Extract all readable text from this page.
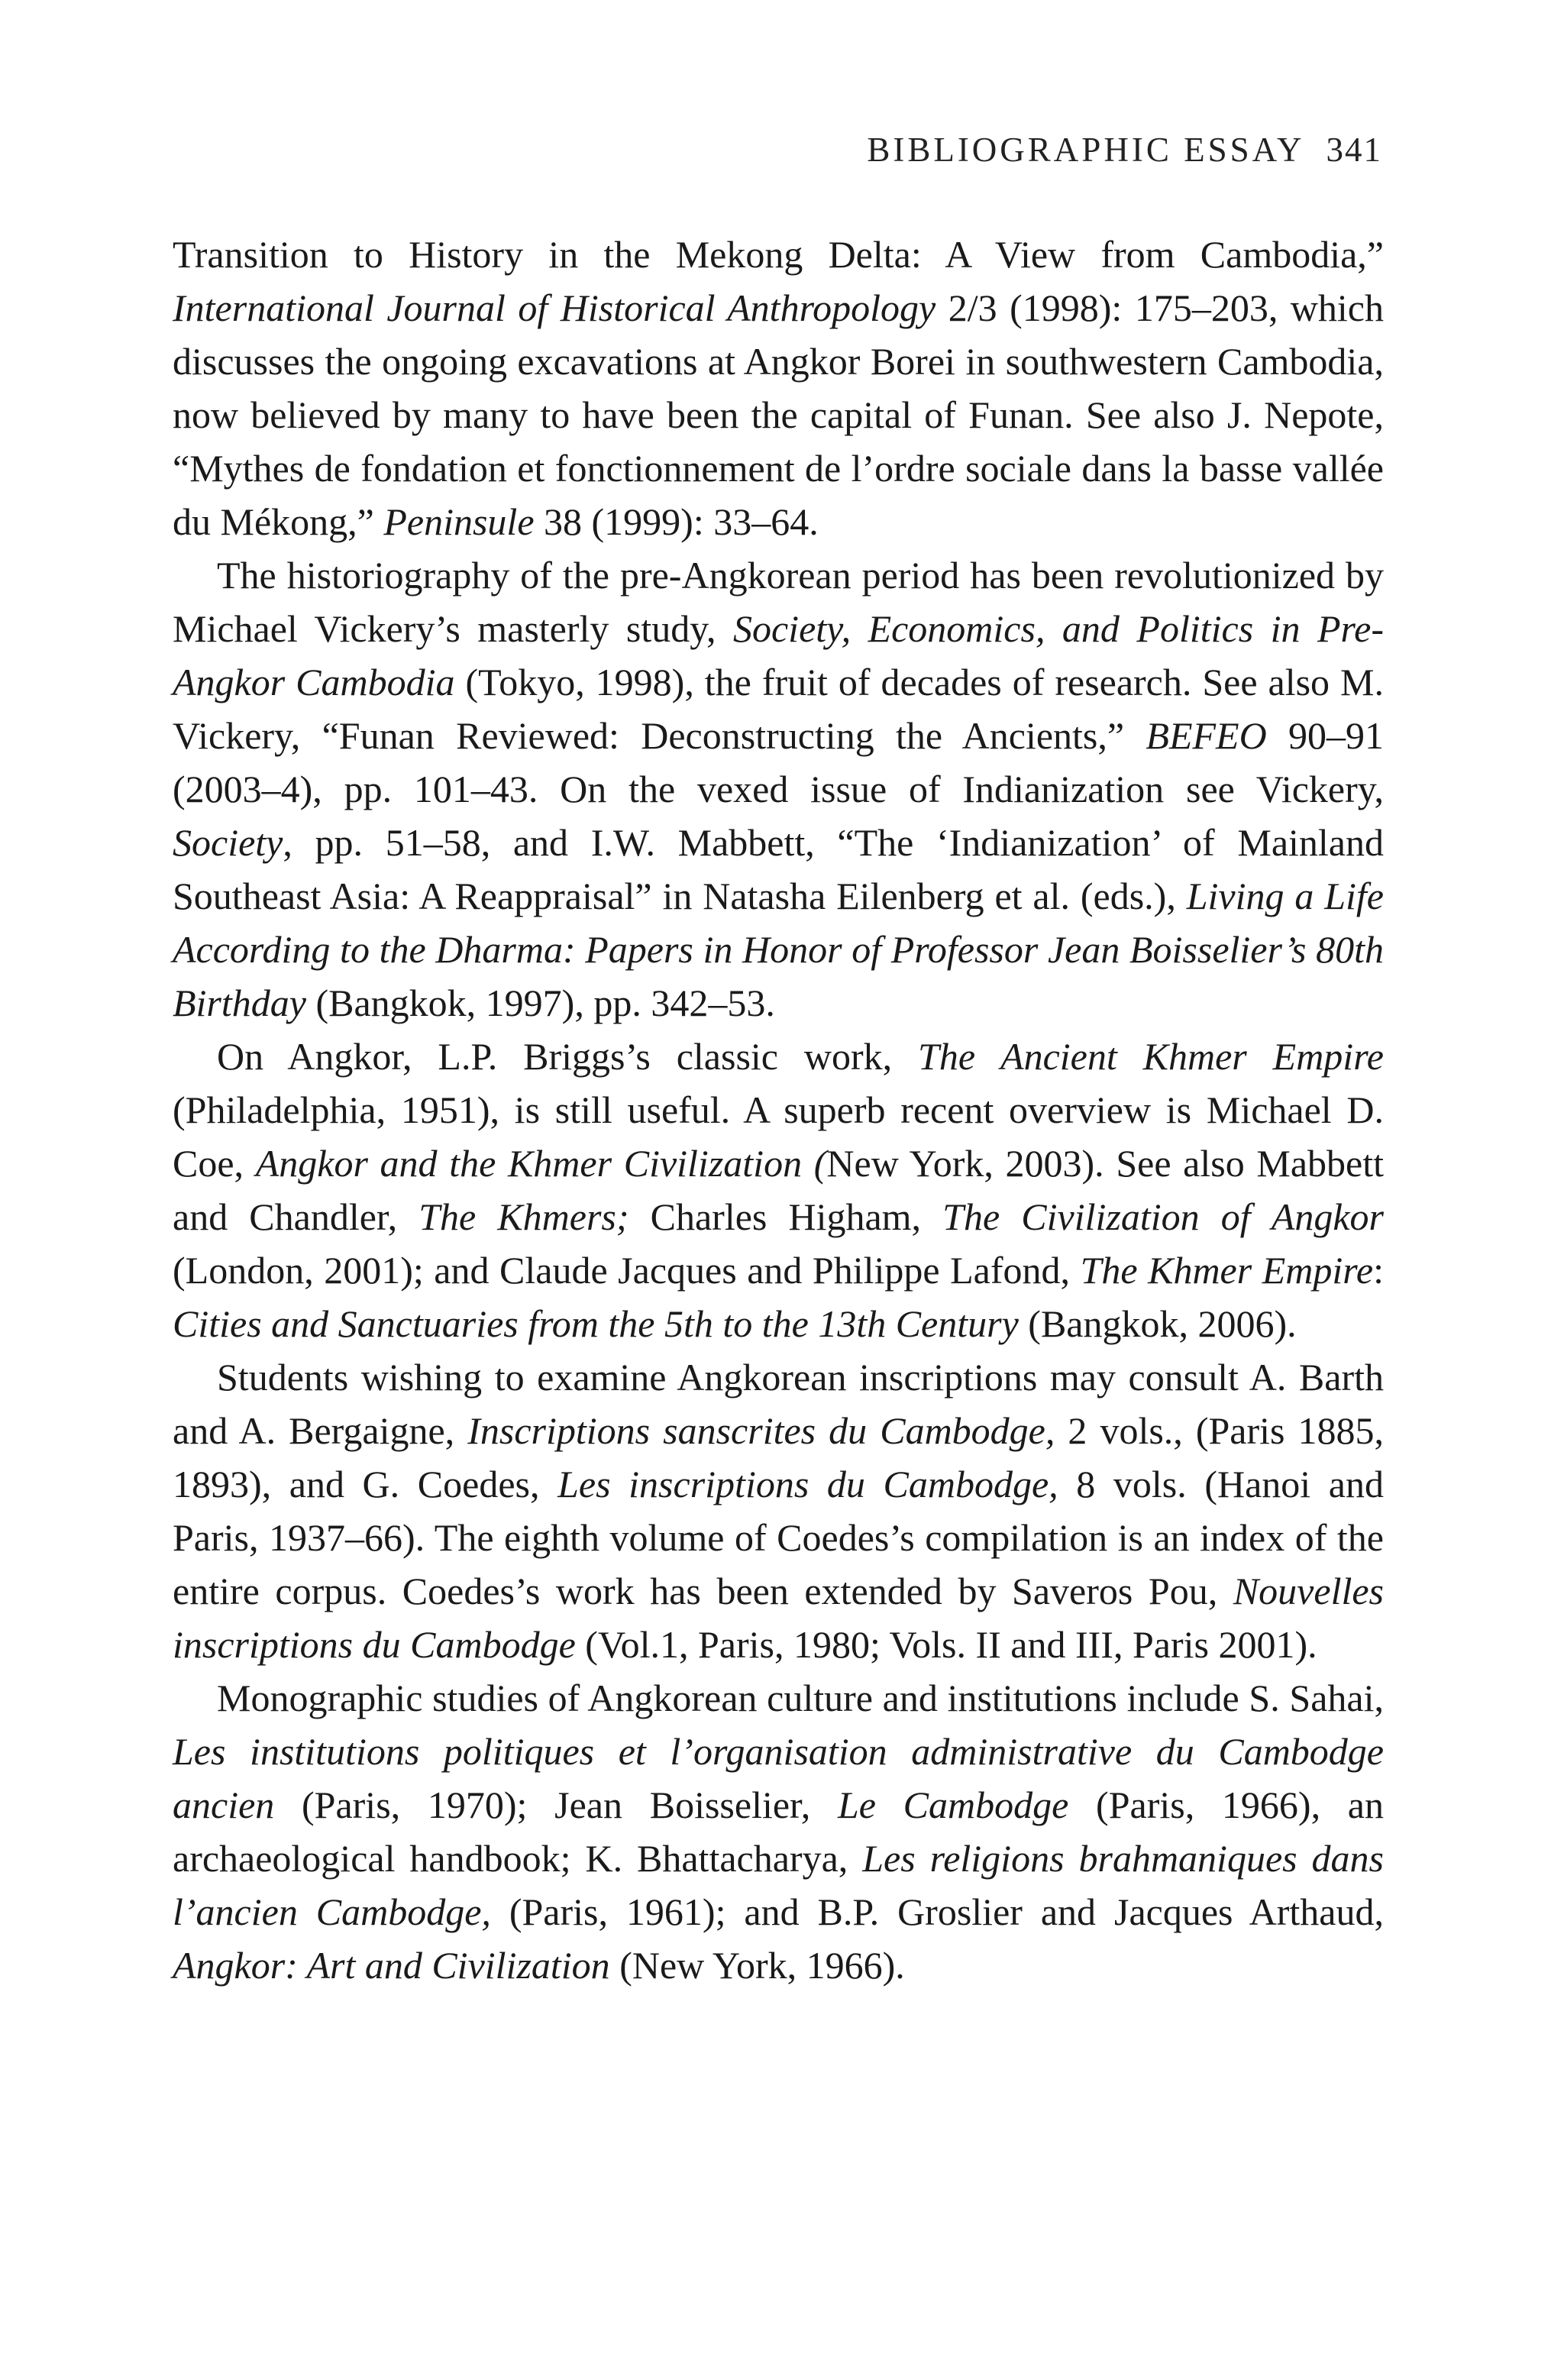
BIBLIOGRAPHIC ESSAY 341

Transition to History in the Mekong Delta: A View from Cambodia,” International Journal of Historical Anthropology 2/3 (1998): 175–203, which discusses the ongoing excavations at Angkor Borei in southwestern Cambodia, now believed by many to have been the capital of Funan. See also J. Nepote, “Mythes de fondation et fonctionnement de l’ordre sociale dans la basse vallée du Mékong,” Peninsule 38 (1999): 33–64.

The historiography of the pre-Angkorean period has been revolutionized by Michael Vickery’s masterly study, Society, Economics, and Politics in Pre-Angkor Cambodia (Tokyo, 1998), the fruit of decades of research. See also M. Vickery, “Funan Reviewed: Deconstructing the Ancients,” BEFEO 90–91 (2003–4), pp. 101–43. On the vexed issue of Indianization see Vickery, Society, pp. 51–58, and I.W. Mabbett, “The ‘Indianization’ of Mainland Southeast Asia: A Reappraisal” in Natasha Eilenberg et al. (eds.), Living a Life According to the Dharma: Papers in Honor of Professor Jean Boisselier’s 80th Birthday (Bangkok, 1997), pp. 342–53.

On Angkor, L.P. Briggs’s classic work, The Ancient Khmer Empire (Philadelphia, 1951), is still useful. A superb recent overview is Michael D. Coe, Angkor and the Khmer Civilization (New York, 2003). See also Mabbett and Chandler, The Khmers; Charles Higham, The Civilization of Angkor (London, 2001); and Claude Jacques and Philippe Lafond, The Khmer Empire: Cities and Sanctuaries from the 5th to the 13th Century (Bangkok, 2006).

Students wishing to examine Angkorean inscriptions may consult A. Barth and A. Bergaigne, Inscriptions sanscrites du Cambodge, 2 vols., (Paris 1885, 1893), and G. Coedes, Les inscriptions du Cambodge, 8 vols. (Hanoi and Paris, 1937–66). The eighth volume of Coedes’s compilation is an index of the entire corpus. Coedes’s work has been extended by Saveros Pou, Nouvelles inscriptions du Cambodge (Vol.1, Paris, 1980; Vols. II and III, Paris 2001).

Monographic studies of Angkorean culture and institutions include S. Sahai, Les institutions politiques et l’organisation administrative du Cambodge ancien (Paris, 1970); Jean Boisselier, Le Cambodge (Paris, 1966), an archaeological handbook; K. Bhattacharya, Les religions brahmaniques dans l’ancien Cambodge, (Paris, 1961); and B.P. Groslier and Jacques Arthaud, Angkor: Art and Civilization (New York, 1966).
